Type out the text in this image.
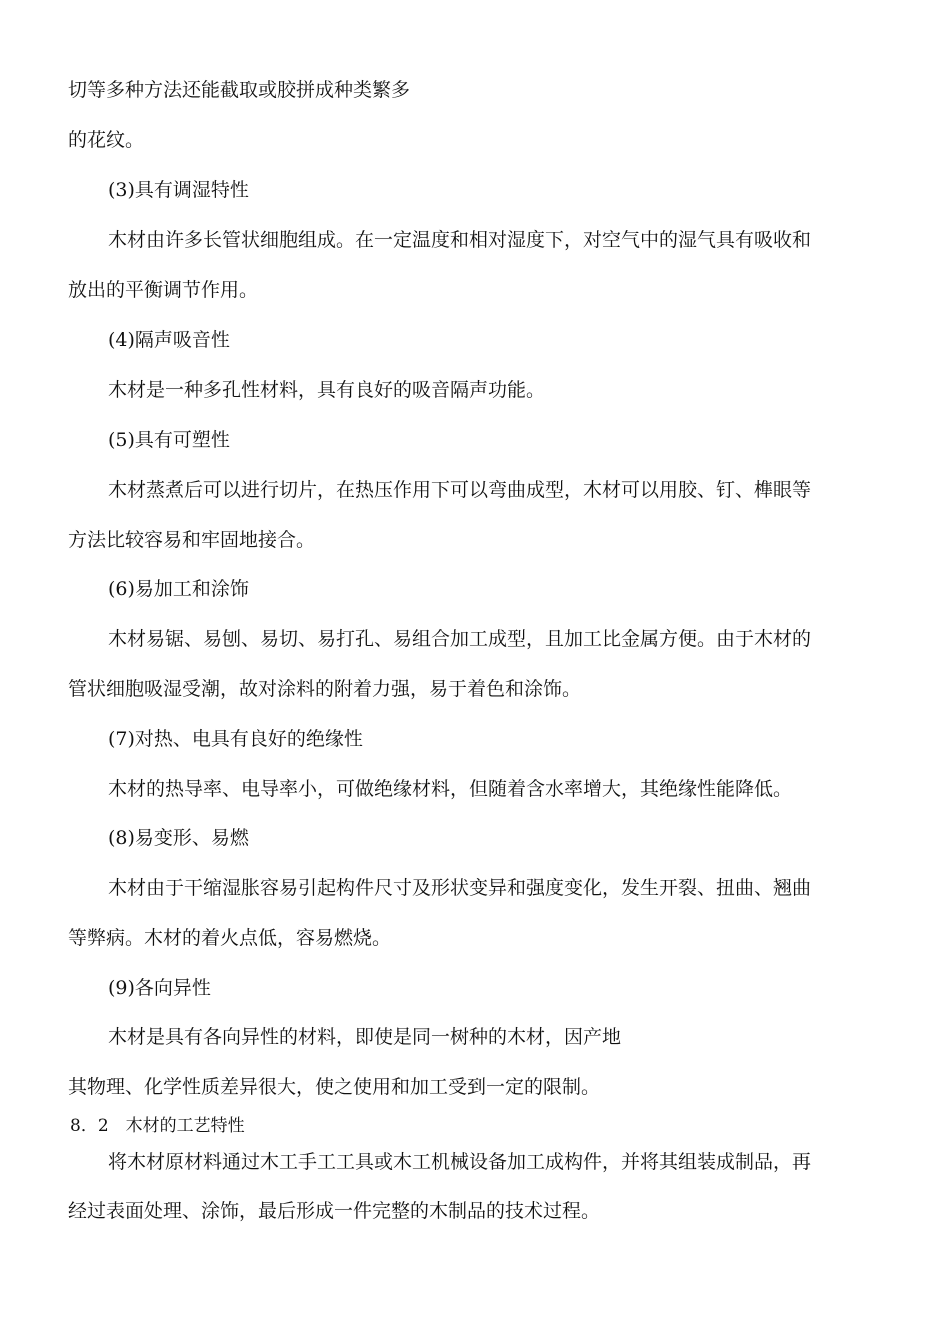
切等多种方法还能截取或胶拼成种类繁多
的花纹。
(3)具有调湿特性
木材由许多长管状细胞组成。在一定温度和相对湿度下，对空气中的湿气具有吸收和
放出的平衡调节作用。
(4)隔声吸音性
木材是一种多孔性材料，具有良好的吸音隔声功能。
(5)具有可塑性
木材蒸煮后可以进行切片，在热压作用下可以弯曲成型，木材可以用胶、钉、榫眼等
方法比较容易和牢固地接合。
(6)易加工和涂饰
木材易锯、易刨、易切、易打孔、易组合加工成型，且加工比金属方便。由于木材的
管状细胞吸湿受潮，故对涂料的附着力强，易于着色和涂饰。
(7)对热、电具有良好的绝缘性
木材的热导率、电导率小，可做绝缘材料，但随着含水率增大，其绝缘性能降低。
(8)易变形、易燃
木材由于干缩湿胀容易引起构件尺寸及形状变异和强度变化，发生开裂、扭曲、翘曲
等弊病。木材的着火点低，容易燃烧。
(9)各向异性
木材是具有各向异性的材料，即使是同一树种的木材，因产地
其物理、化学性质差异很大，使之使用和加工受到一定的限制。
8．2　木材的工艺特性
将木材原材料通过木工手工工具或木工机械设备加工成构件，并将其组装成制品，再
经过表面处理、涂饰，最后形成一件完整的木制品的技术过程。
